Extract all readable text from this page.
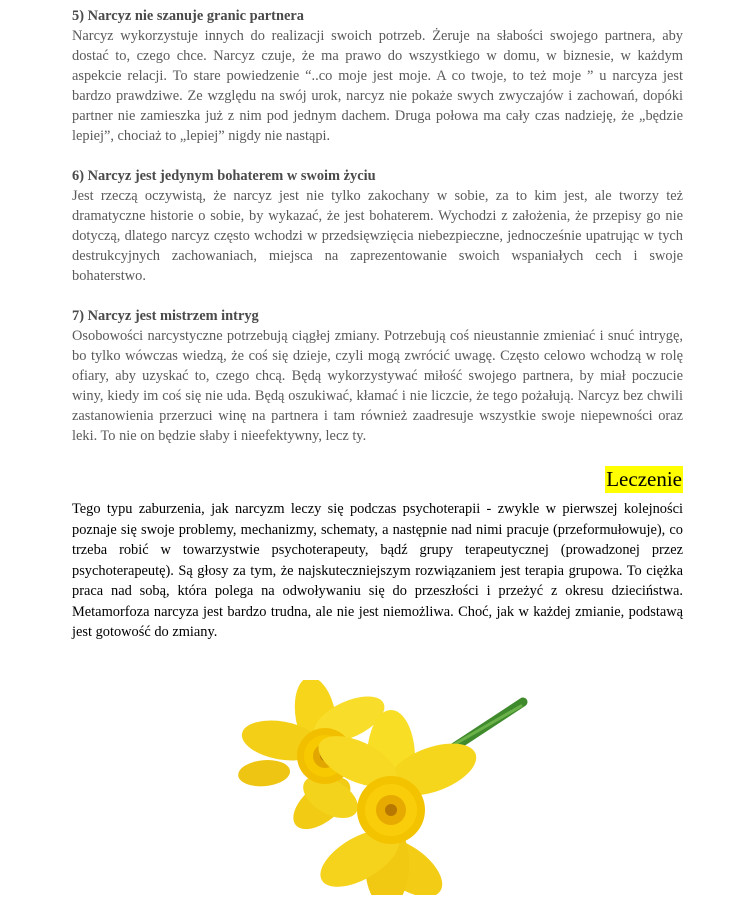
5) Narcyz nie szanuje granic partnera

Narcyz wykorzystuje innych do realizacji swoich potrzeb. Żeruje na słabości swojego partnera, aby dostać to, czego chce. Narcyz czuje, że ma prawo do wszystkiego w domu, w biznesie, w każdym aspekcie relacji. To stare powiedzenie “..co moje jest moje. A co twoje, to też moje ” u narcyza jest bardzo prawdziwe. Ze względu na swój urok, narcyz nie pokaże swych zwyczajów i zachowań, dopóki partner nie zamieszka już z nim pod jednym dachem. Druga połowa ma cały czas nadzieję, że „będzie lepiej”, chociaż to „lepiej” nigdy nie nastąpi.

6) Narcyz jest jedynym bohaterem w swoim życiu

Jest rzeczą oczywistą, że narcyz jest nie tylko zakochany w sobie, za to kim jest, ale tworzy też dramatyczne historie o sobie, by wykazać, że jest bohaterem. Wychodzi z założenia, że przepisy go nie dotyczą, dlatego narcyz często wchodzi w przedsięwzięcia niebezpieczne, jednocześnie upatrując w tych destrukcyjnych zachowaniach, miejsca na zaprezentowanie swoich wspaniałych cech i swoje bohaterstwo.

7) Narcyz jest mistrzem intryg

Osobowości narcystyczne potrzebują ciągłej zmiany. Potrzebują coś nieustannie zmieniać i snuć intrygę, bo tylko wówczas wiedzą, że coś się dzieje, czyli mogą zwrócić uwagę. Często celowo wchodzą w rolę ofiary, aby uzyskać to, czego chcą. Będą wykorzystywać miłość swojego partnera, by miał poczucie winy, kiedy im coś się nie uda. Będą oszukiwać, kłamać i nie liczcie, że tego pożałują. Narcyz bez chwili zastanowienia przerzuci winę na partnera i tam również zaadresuje wszystkie swoje niepewności oraz leki. To nie on będzie słaby i nieefektywny, lecz ty.

Leczenie

Tego typu zaburzenia, jak narcyzm leczy się podczas psychoterapii - zwykle w pierwszej kolejności poznaje się swoje problemy, mechanizmy, schematy, a następnie nad nimi pracuje (przeformułowuje), co trzeba robić w towarzystwie psychoterapeuty, bądź grupy terapeutycznej (prowadzonej przez psychoterapeutę). Są głosy za tym, że najskuteczniejszym rozwiązaniem jest terapia grupowa. To ciężka praca nad sobą, która polega na odwoływaniu się do przeszłości i przeżyć z okresu dzieciństwa. Metamorfoza narcyza jest bardzo trudna, ale nie jest niemożliwa. Choć, jak w każdej zmianie, podstawą jest gotowość do zmiany.
